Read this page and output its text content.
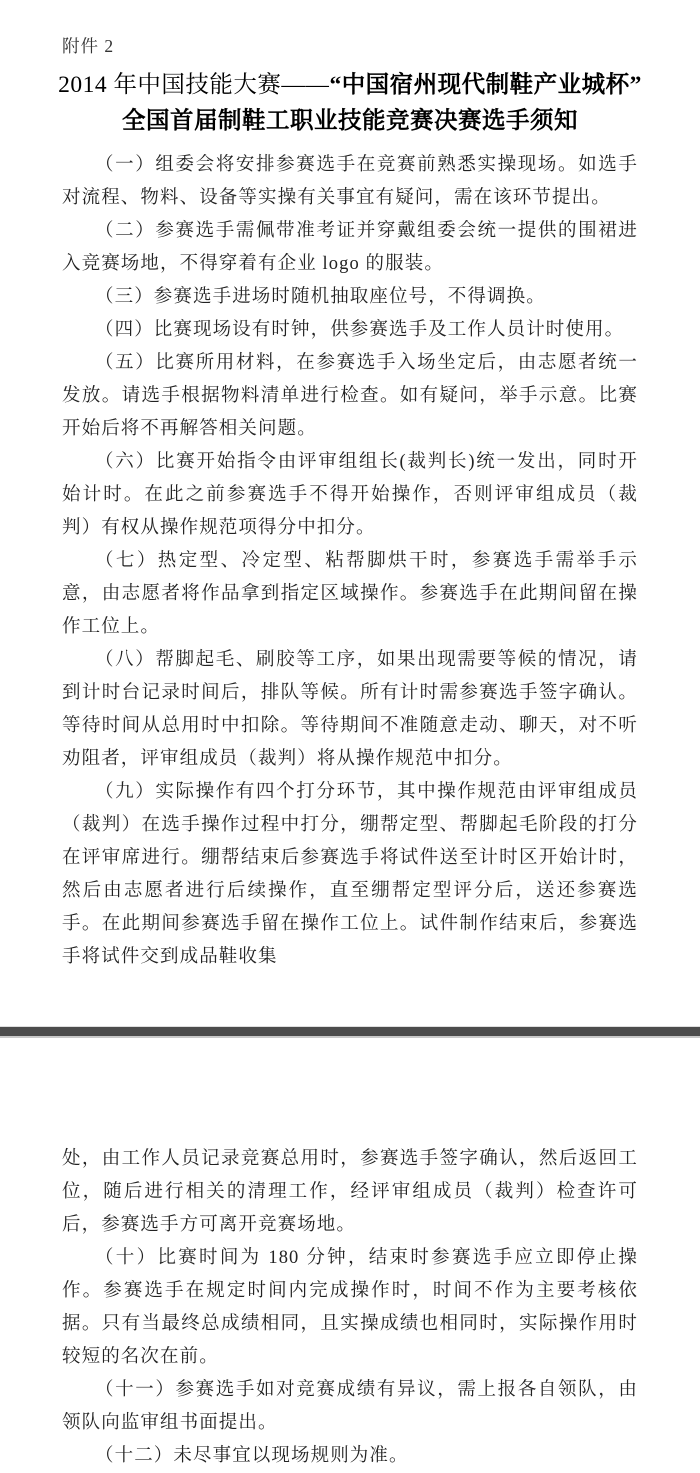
附件 2
2014 年中国技能大赛——“中国宿州现代制鞋产业城杯”
全国首届制鞋工职业技能竞赛决赛选手须知

（一）组委会将安排参赛选手在竞赛前熟悉实操现场。如选手对流程、物料、设备等实操有关事宜有疑问，需在该环节提出。

（二）参赛选手需佩带准考证并穿戴组委会统一提供的围裙进入竞赛场地，不得穿着有企业 logo 的服装。

（三）参赛选手进场时随机抽取座位号，不得调换。

（四）比赛现场设有时钟，供参赛选手及工作人员计时使用。

（五）比赛所用材料，在参赛选手入场坐定后，由志愿者统一发放。请选手根据物料清单进行检查。如有疑问，举手示意。比赛开始后将不再解答相关问题。

（六）比赛开始指令由评审组组长(裁判长)统一发出，同时开始计时。在此之前参赛选手不得开始操作，否则评审组成员（裁判）有权从操作规范项得分中扣分。

（七）热定型、冷定型、粘帮脚烘干时，参赛选手需举手示意，由志愿者将作品拿到指定区域操作。参赛选手在此期间留在操作工位上。

（八）帮脚起毛、刷胶等工序，如果出现需要等候的情况，请到计时台记录时间后，排队等候。所有计时需参赛选手签字确认。等待时间从总用时中扣除。等待期间不准随意走动、聊天，对不听劝阻者，评审组成员（裁判）将从操作规范中扣分。

（九）实际操作有四个打分环节，其中操作规范由评审组成员（裁判）在选手操作过程中打分，绷帮定型、帮脚起毛阶段的打分在评审席进行。绷帮结束后参赛选手将试件送至计时区开始计时，然后由志愿者进行后续操作，直至绷帮定型评分后，送还参赛选手。在此期间参赛选手留在操作工位上。试件制作结束后，参赛选手将试件交到成品鞋收集

处，由工作人员记录竞赛总用时，参赛选手签字确认，然后返回工位，随后进行相关的清理工作，经评审组成员（裁判）检查许可后，参赛选手方可离开竞赛场地。

（十）比赛时间为 180 分钟，结束时参赛选手应立即停止操作。参赛选手在规定时间内完成操作时，时间不作为主要考核依据。只有当最终总成绩相同，且实操成绩也相同时，实际操作用时较短的名次在前。

（十一）参赛选手如对竞赛成绩有异议，需上报各自领队，由领队向监审组书面提出。

（十二）未尽事宜以现场规则为准。
